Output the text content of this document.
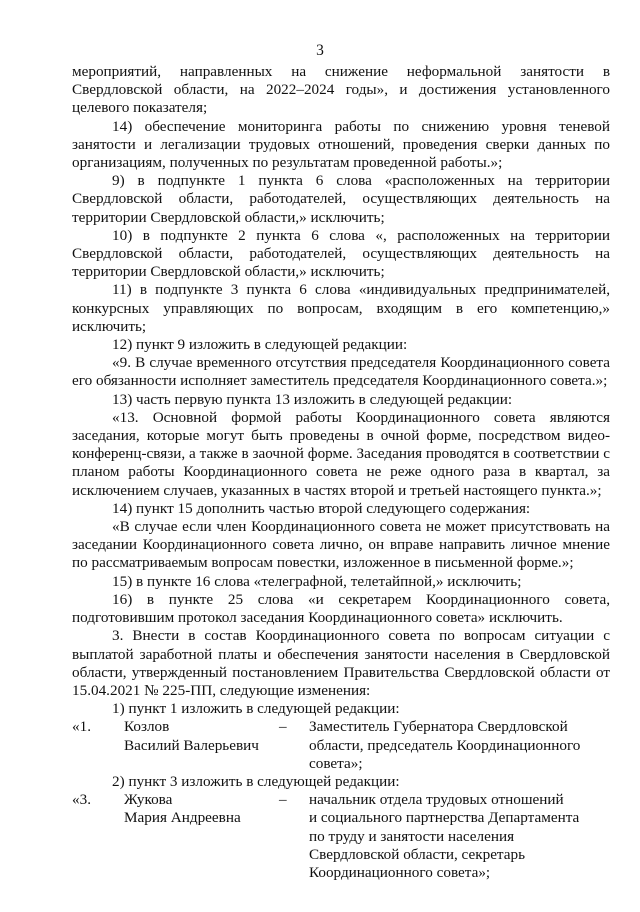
3

мероприятий, направленных на снижение неформальной занятости в Свердловской области, на 2022–2024 годы», и достижения установленного целевого показателя;

14) обеспечение мониторинга работы по снижению уровня теневой занятости и легализации трудовых отношений, проведения сверки данных по организациям, полученных по результатам проведенной работы.»;

9) в подпункте 1 пункта 6 слова «расположенных на территории Свердловской области, работодателей, осуществляющих деятельность на территории Свердловской области,» исключить;

10) в подпункте 2 пункта 6 слова «, расположенных на территории Свердловской области, работодателей, осуществляющих деятельность на территории Свердловской области,» исключить;

11) в подпункте 3 пункта 6 слова «индивидуальных предпринимателей, конкурсных управляющих по вопросам, входящим в его компетенцию,» исключить;

12) пункт 9 изложить в следующей редакции:

«9. В случае временного отсутствия председателя Координационного совета его обязанности исполняет заместитель председателя Координационного совета.»;

13) часть первую пункта 13 изложить в следующей редакции:

«13. Основной формой работы Координационного совета являются заседания, которые могут быть проведены в очной форме, посредством видео-конференц-связи, а также в заочной форме. Заседания проводятся в соответствии с планом работы Координационного совета не реже одного раза в квартал, за исключением случаев, указанных в частях второй и третьей настоящего пункта.»;

14) пункт 15 дополнить частью второй следующего содержания:

«В случае если член Координационного совета не может присутствовать на заседании Координационного совета лично, он вправе направить личное мнение по рассматриваемым вопросам повестки, изложенное в письменной форме.»;

15) в пункте 16 слова «телеграфной, телетайпной,» исключить;

16) в пункте 25 слова «и секретарем Координационного совета, подготовившим протокол заседания Координационного совета» исключить.

3. Внести в состав Координационного совета по вопросам ситуации с выплатой заработной платы и обеспечения занятости населения в Свердловской области, утвержденный постановлением Правительства Свердловской области от 15.04.2021 № 225-ПП, следующие изменения:

1) пункт 1 изложить в следующей редакции:

«1.	Козлов
Василий Валерьевич
–	Заместитель Губернатора Свердловской
области, председатель Координационного
совета»;

2) пункт 3 изложить в следующей редакции:

«3.	Жукова
Мария Андреевна
–	начальник отдела трудовых отношений
и социального партнерства Департамента
по труду и занятости населения
Свердловской области, секретарь
Координационного совета»;
